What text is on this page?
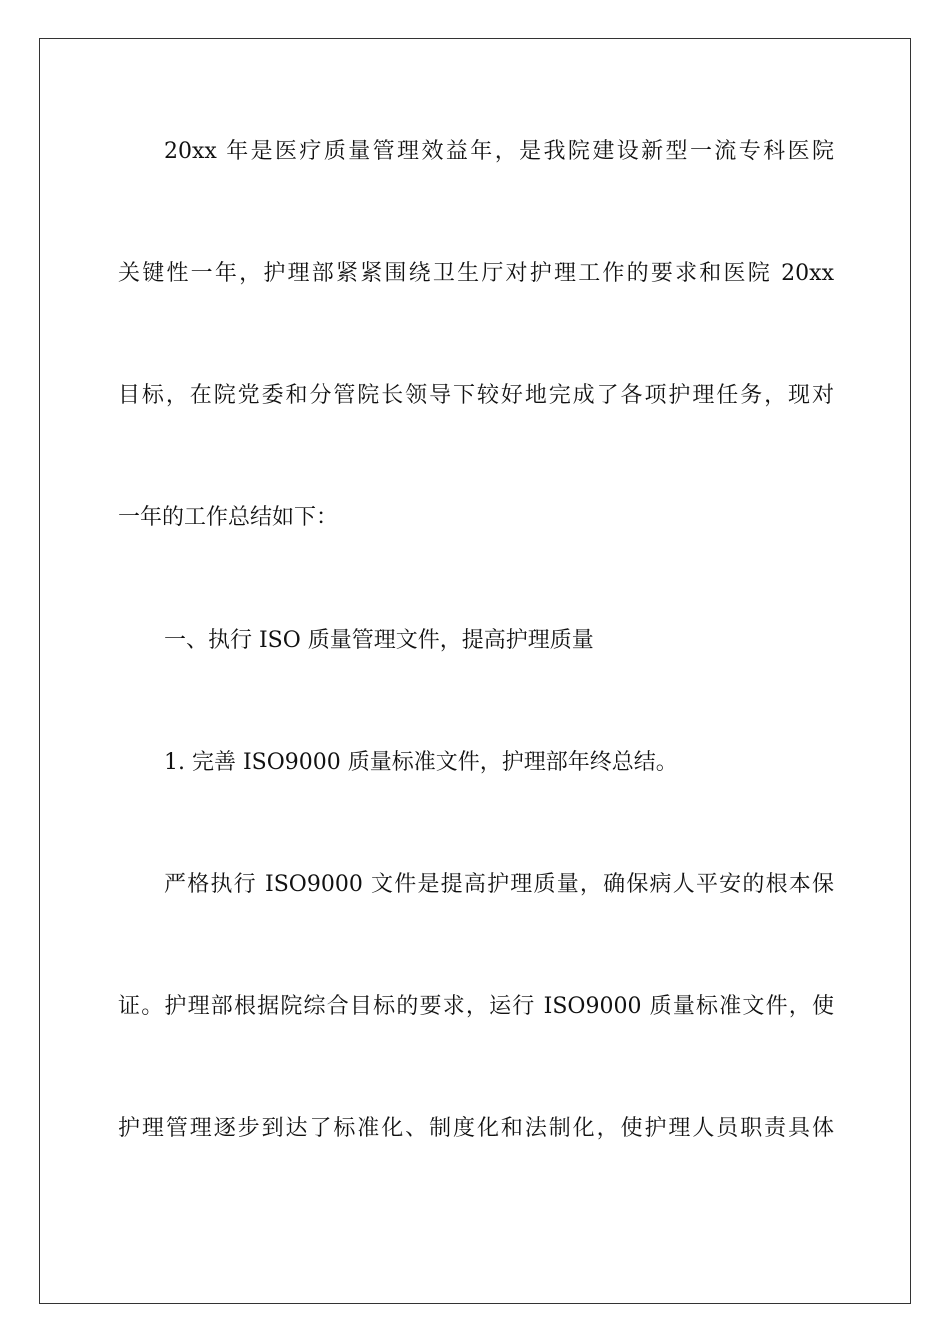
20xx 年是医疗质量管理效益年，是我院建设新型一流专科医院
关键性一年，护理部紧紧围绕卫生厅对护理工作的要求和医院 20xx
目标，在院党委和分管院长领导下较好地完成了各项护理任务，现对
一年的工作总结如下：
一、执行 ISO 质量管理文件，提高护理质量
1. 完善 ISO9000 质量标准文件，护理部年终总结。
严格执行 ISO9000 文件是提高护理质量，确保病人平安的根本保
证。护理部根据院综合目标的要求，运行 ISO9000 质量标准文件，使
护理管理逐步到达了标准化、制度化和法制化，使护理人员职责具体
